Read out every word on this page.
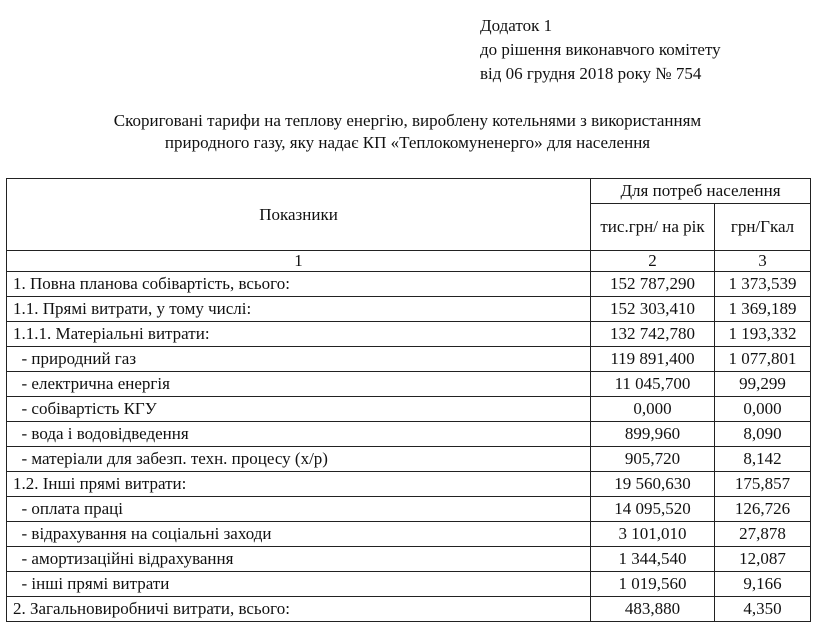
Додаток 1
до рішення виконавчого комітету
від 06 грудня 2018 року № 754
Скориговані тарифи на теплову енергію, вироблену котельнями з використанням
природного газу, яку надає КП «Теплокомуненерго» для населення
Показники	Для потреб населення	
	тис.грн/ на рік	грн/Гкал
1	2	3
1. Повна планова собівартість, всього:	152 787,290	1 373,539
1.1. Прямі витрати, у тому числі:	152 303,410	1 369,189
1.1.1. Матеріальні витрати:	132 742,780	1 193,332
- природний газ	119 891,400	1 077,801
- електрична енергія	11 045,700	99,299
- собівартість КГУ	0,000	0,000
- вода і водовідведення	899,960	8,090
- матеріали для забезп. техн. процесу (х/р)	905,720	8,142
1.2. Інші прямі витрати:	19 560,630	175,857
- оплата праці	14 095,520	126,726
- відрахування на соціальні заходи	3 101,010	27,878
- амортизаційні відрахування	1 344,540	12,087
- інші прямі витрати	1 019,560	9,166
2. Загальновиробничі витрати, всього:	483,880	4,350
